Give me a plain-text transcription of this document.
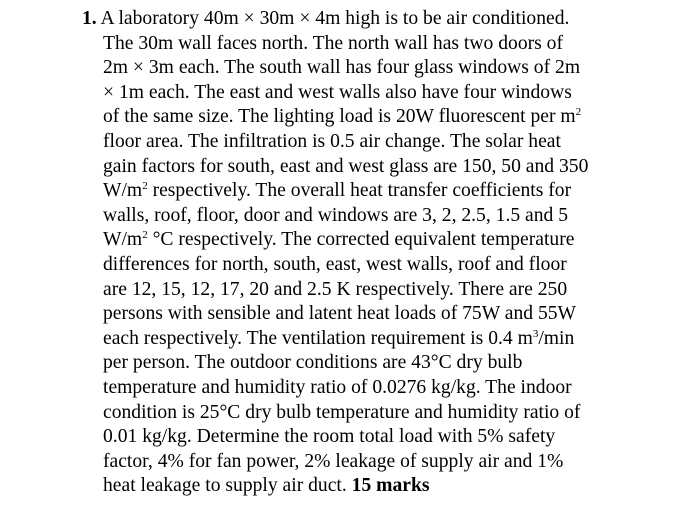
1. A laboratory 40m × 30m × 4m high is to be air conditioned.
The 30m wall faces north. The north wall has two doors of
2m × 3m each. The south wall has four glass windows of 2m
× 1m each. The east and west walls also have four windows
of the same size. The lighting load is 20W fluorescent per $m^2$
floor area. The infiltration is 0.5 air change. The solar heat
gain factors for south, east and west glass are 150, 50 and 350
$W/m^2$ respectively. The overall heat transfer coefficients for
walls, roof, floor, door and windows are 3, 2, 2.5, 1.5 and 5
$W/m^2$ °C respectively. The corrected equivalent temperature
differences for north, south, east, west walls, roof and floor
are 12, 15, 12, 17, 20 and 2.5 K respectively. There are 250
persons with sensible and latent heat loads of 75W and 55W
each respectively. The ventilation requirement is 0.4 $m^3/\min$
per person. The outdoor conditions are 43°C dry bulb
temperature and humidity ratio of 0.0276 kg/kg. The indoor
condition is 25°C dry bulb temperature and humidity ratio of
0.01 kg/kg. Determine the room total load with 5% safety
factor, 4% for fan power, 2% leakage of supply air and 1%
heat leakage to supply air duct. 15 marks
